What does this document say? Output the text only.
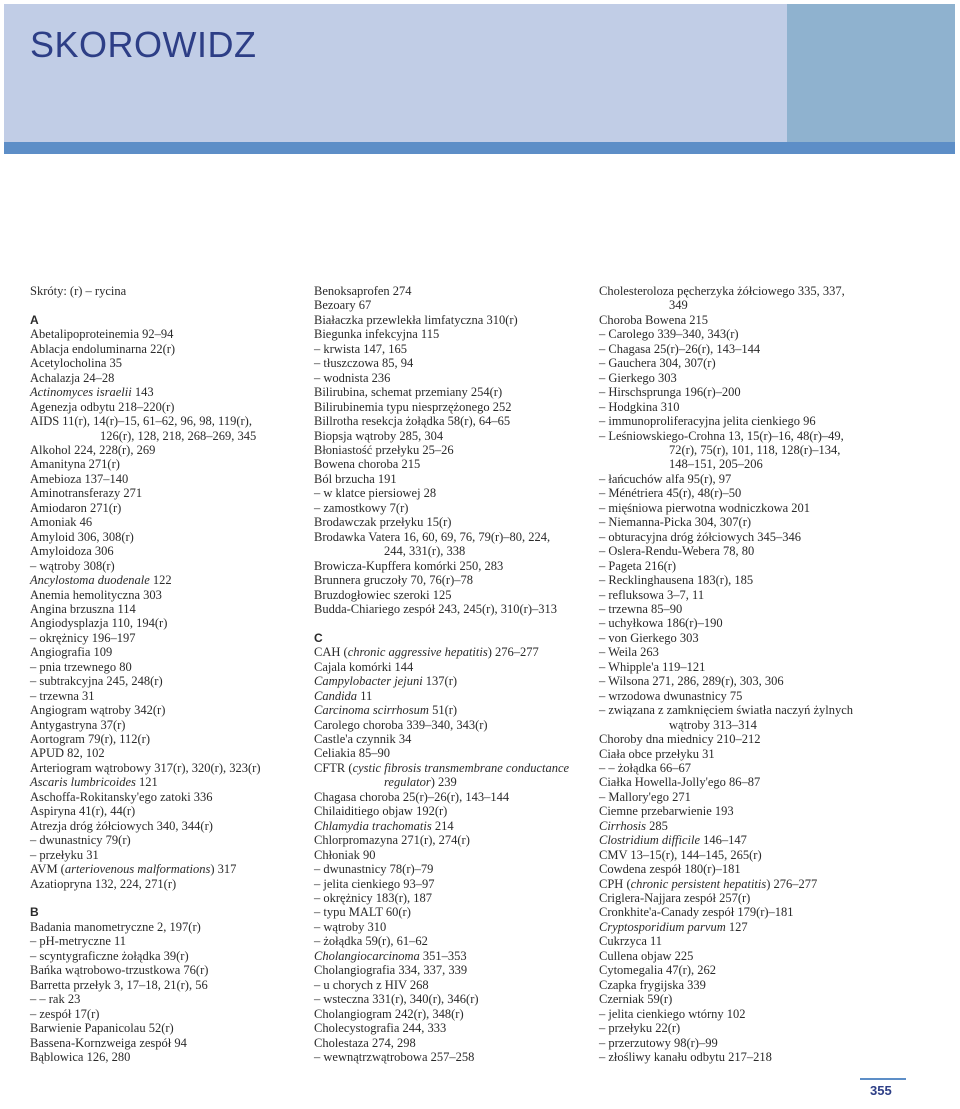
SKOROWIDZ
Skróty: (r) – rycina
A
Abetalipoproteinemia 92–94
Ablacja endoluminarna 22(r)
Acetylocholina 35
Achalazja 24–28
Actinomyces israelii 143
Agenezja odbytu 218–220(r)
AIDS 11(r), 14(r)–15, 61–62, 96, 98, 119(r),
126(r), 128, 218, 268–269, 345
Alkohol 224, 228(r), 269
Amanityna 271(r)
Amebioza 137–140
Aminotransferazy 271
Amiodaron 271(r)
Amoniak 46
Amyloid 306, 308(r)
Amyloidoza 306
– wątroby 308(r)
Ancylostoma duodenale 122
Anemia hemolityczna 303
Angina brzuszna 114
Angiodysplazja 110, 194(r)
– okrężnicy 196–197
Angiografia 109
– pnia trzewnego 80
– subtrakcyjna 245, 248(r)
– trzewna 31
Angiogram wątroby 342(r)
Antygastryna 37(r)
Aortogram 79(r), 112(r)
APUD 82, 102
Arteriogram wątrobowy 317(r), 320(r), 323(r)
Ascaris lumbricoides 121
Aschoffa-Rokitansky'ego zatoki 336
Aspiryna 41(r), 44(r)
Atrezja dróg żółciowych 340, 344(r)
– dwunastnicy 79(r)
– przełyku 31
AVM (arteriovenous malformations) 317
Azatiopryna 132, 224, 271(r)
B
Badania manometryczne 2, 197(r)
– pH-metryczne 11
– scyntygraficzne żołądka 39(r)
Bańka wątrobowo-trzustkowa 76(r)
Barretta przełyk 3, 17–18, 21(r), 56
– – rak 23
– zespół 17(r)
Barwienie Papanicolau 52(r)
Bassena-Kornzweiga zespół 94
Bąblowica 126, 280
Benoksaprofen 274
Bezoary 67
Białaczka przewlekła limfatyczna 310(r)
Biegunka infekcyjna 115
– krwista 147, 165
– tłuszczowa 85, 94
– wodnista 236
Bilirubina, schemat przemiany 254(r)
Bilirubinemia typu niesprzężonego 252
Billrotha resekcja żołądka 58(r), 64–65
Biopsja wątroby 285, 304
Błoniastość przełyku 25–26
Bowena choroba 215
Ból brzucha 191
– w klatce piersiowej 28
– zamostkowy 7(r)
Brodawczak przełyku 15(r)
Brodawka Vatera 16, 60, 69, 76, 79(r)–80, 224,
244, 331(r), 338
Browicza-Kupffera komórki 250, 283
Brunnera gruczoły 70, 76(r)–78
Bruzdogłowiec szeroki 125
Budda-Chiariego zespół 243, 245(r), 310(r)–313
C
CAH (chronic aggressive hepatitis) 276–277
Cajala komórki 144
Campylobacter jejuni 137(r)
Candida 11
Carcinoma scirrhosum 51(r)
Carolego choroba 339–340, 343(r)
Castle'a czynnik 34
Celiakia 85–90
CFTR (cystic fibrosis transmembrane conductance
regulator) 239
Chagasa choroba 25(r)–26(r), 143–144
Chilaiditiego objaw 192(r)
Chlamydia trachomatis 214
Chlorpromazyna 271(r), 274(r)
Chłoniak 90
– dwunastnicy 78(r)–79
– jelita cienkiego 93–97
– okrężnicy 183(r), 187
– typu MALT 60(r)
– wątroby 310
– żołądka 59(r), 61–62
Cholangiocarcinoma 351–353
Cholangiografia 334, 337, 339
– u chorych z HIV 268
– wsteczna 331(r), 340(r), 346(r)
Cholangiogram 242(r), 348(r)
Cholecystografia 244, 333
Cholestaza 274, 298
– wewnątrzwątrobowa 257–258
Cholesteroloza pęcherzyka żółciowego 335, 337,
349
Choroba Bowena 215
– Carolego 339–340, 343(r)
– Chagasa 25(r)–26(r), 143–144
– Gauchera 304, 307(r)
– Gierkego 303
– Hirschsprunga 196(r)–200
– Hodgkina 310
– immunoproliferacyjna jelita cienkiego 96
– Leśniowskiego-Crohna 13, 15(r)–16, 48(r)–49,
72(r), 75(r), 101, 118, 128(r)–134,
148–151, 205–206
– łańcuchów alfa 95(r), 97
– Ménétriera 45(r), 48(r)–50
– mięśniowa pierwotna wodniczkowa 201
– Niemanna-Picka 304, 307(r)
– obturacyjna dróg żółciowych 345–346
– Oslera-Rendu-Webera 78, 80
– Pageta 216(r)
– Recklinghausena 183(r), 185
– refluksowa 3–7, 11
– trzewna 85–90
– uchyłkowa 186(r)–190
– von Gierkego 303
– Weila 263
– Whipple'a 119–121
– Wilsona 271, 286, 289(r), 303, 306
– wrzodowa dwunastnicy 75
– związana z zamknięciem światła naczyń żylnych
wątroby 313–314
Choroby dna miednicy 210–212
Ciała obce przełyku 31
– – żołądka 66–67
Ciałka Howella-Jolly'ego 86–87
– Mallory'ego 271
Ciemne przebarwienie 193
Cirrhosis 285
Clostridium difficile 146–147
CMV 13–15(r), 144–145, 265(r)
Cowdena zespół 180(r)–181
CPH (chronic persistent hepatitis) 276–277
Criglera-Najjara zespół 257(r)
Cronkhite'a-Canady zespół 179(r)–181
Cryptosporidium parvum 127
Cukrzyca 11
Cullena objaw 225
Cytomegalia 47(r), 262
Czapka frygijska 339
Czerniak 59(r)
– jelita cienkiego wtórny 102
– przełyku 22(r)
– przerzutowy 98(r)–99
– złośliwy kanału odbytu 217–218
355
